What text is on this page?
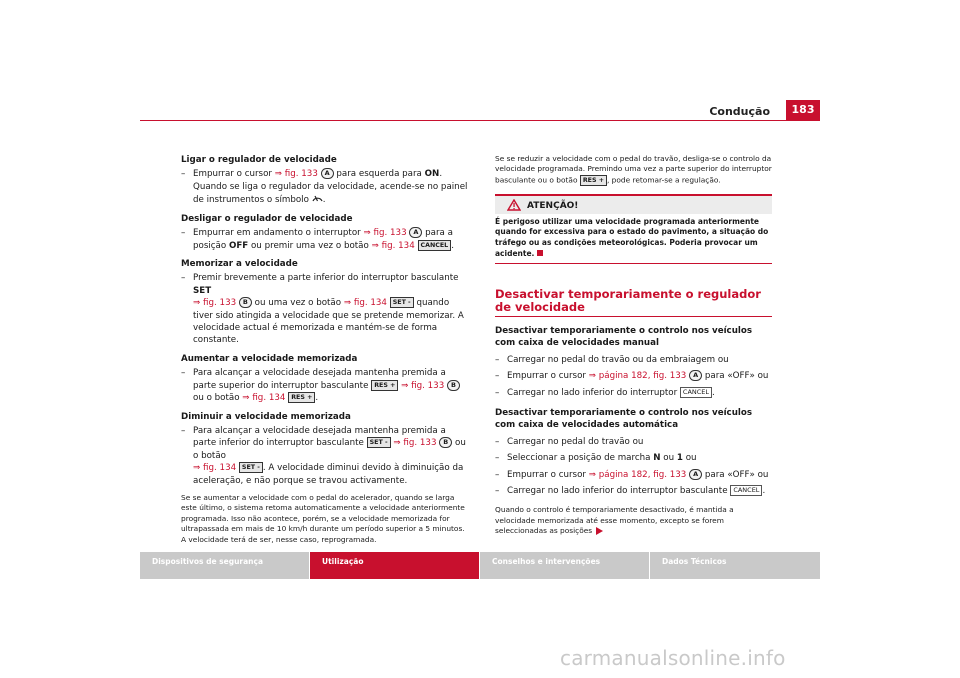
Condução	183
Ligar o regulador de velocidade
– Empurrar o cursor ⇒ fig. 133 A para esquerda para ON.
Quando se liga o regulador da velocidade, acende-se no painel de instrumentos o símbolo .
Desligar o regulador de velocidade
– Empurrar em andamento o interruptor ⇒ fig. 133 A para a posição OFF ou premir uma vez o botão ⇒ fig. 134 CANCEL .
Memorizar a velocidade
– Premir brevemente a parte inferior do interruptor basculante SET
⇒ fig. 133 B ou uma vez o botão ⇒ fig. 134 SET - quando tiver sido atingida a velocidade que se pretende memorizar. A velocidade actual é memorizada e mantém-se de forma constante.
Aumentar a velocidade memorizada
– Para alcançar a velocidade desejada mantenha premida a parte superior do interruptor basculante RES + ⇒ fig. 133 B ou o botão ⇒ fig. 134 RES + .
Diminuir a velocidade memorizada
– Para alcançar a velocidade desejada mantenha premida a parte inferior do interruptor basculante SET - ⇒ fig. 133 B ou o botão
⇒ fig. 134 SET - . A velocidade diminui devido à diminuição da aceleração, e não porque se travou activamente.
Se se aumentar a velocidade com o pedal do acelerador, quando se larga este último, o sistema retoma automaticamente a velocidade anteriormente programada. Isso não acontece, porém, se a velocidade memorizada for ultrapassada em mais de 10 km/h durante um período superior a 5 minutos. A velocidade terá de ser, nesse caso, reprogramada.
Se se reduzir a velocidade com o pedal do travão, desliga-se o controlo da velocidade programada. Premindo uma vez a parte superior do interruptor basculante ou o botão RES + , pode retomar-se a regulação.
ATENÇÃO!
É perigoso utilizar uma velocidade programada anteriormente quando for excessiva para o estado do pavimento, a situação do tráfego ou as condições meteorológicas. Poderia provocar um acidente.
Desactivar temporariamente o regulador de velocidade
Desactivar temporariamente o controlo nos veículos com caixa de velocidades manual
– Carregar no pedal do travão ou da embraiagem ou
– Empurrar o cursor ⇒ página 182, fig. 133 A para «OFF» ou
– Carregar no lado inferior do interruptor CANCEL .
Desactivar temporariamente o controlo nos veículos com caixa de velocidades automática
– Carregar no pedal do travão ou
– Seleccionar a posição de marcha N ou 1 ou
– Empurrar o cursor ⇒ página 182, fig. 133 A para «OFF» ou
– Carregar no lado inferior do interruptor basculante CANCEL .
Quando o controlo é temporariamente desactivado, é mantida a velocidade memorizada até esse momento, excepto se forem seleccionadas as posições
Dispositivos de segurança	Utilização	Conselhos e intervenções	Dados Técnicos
carmanualsonline.info
